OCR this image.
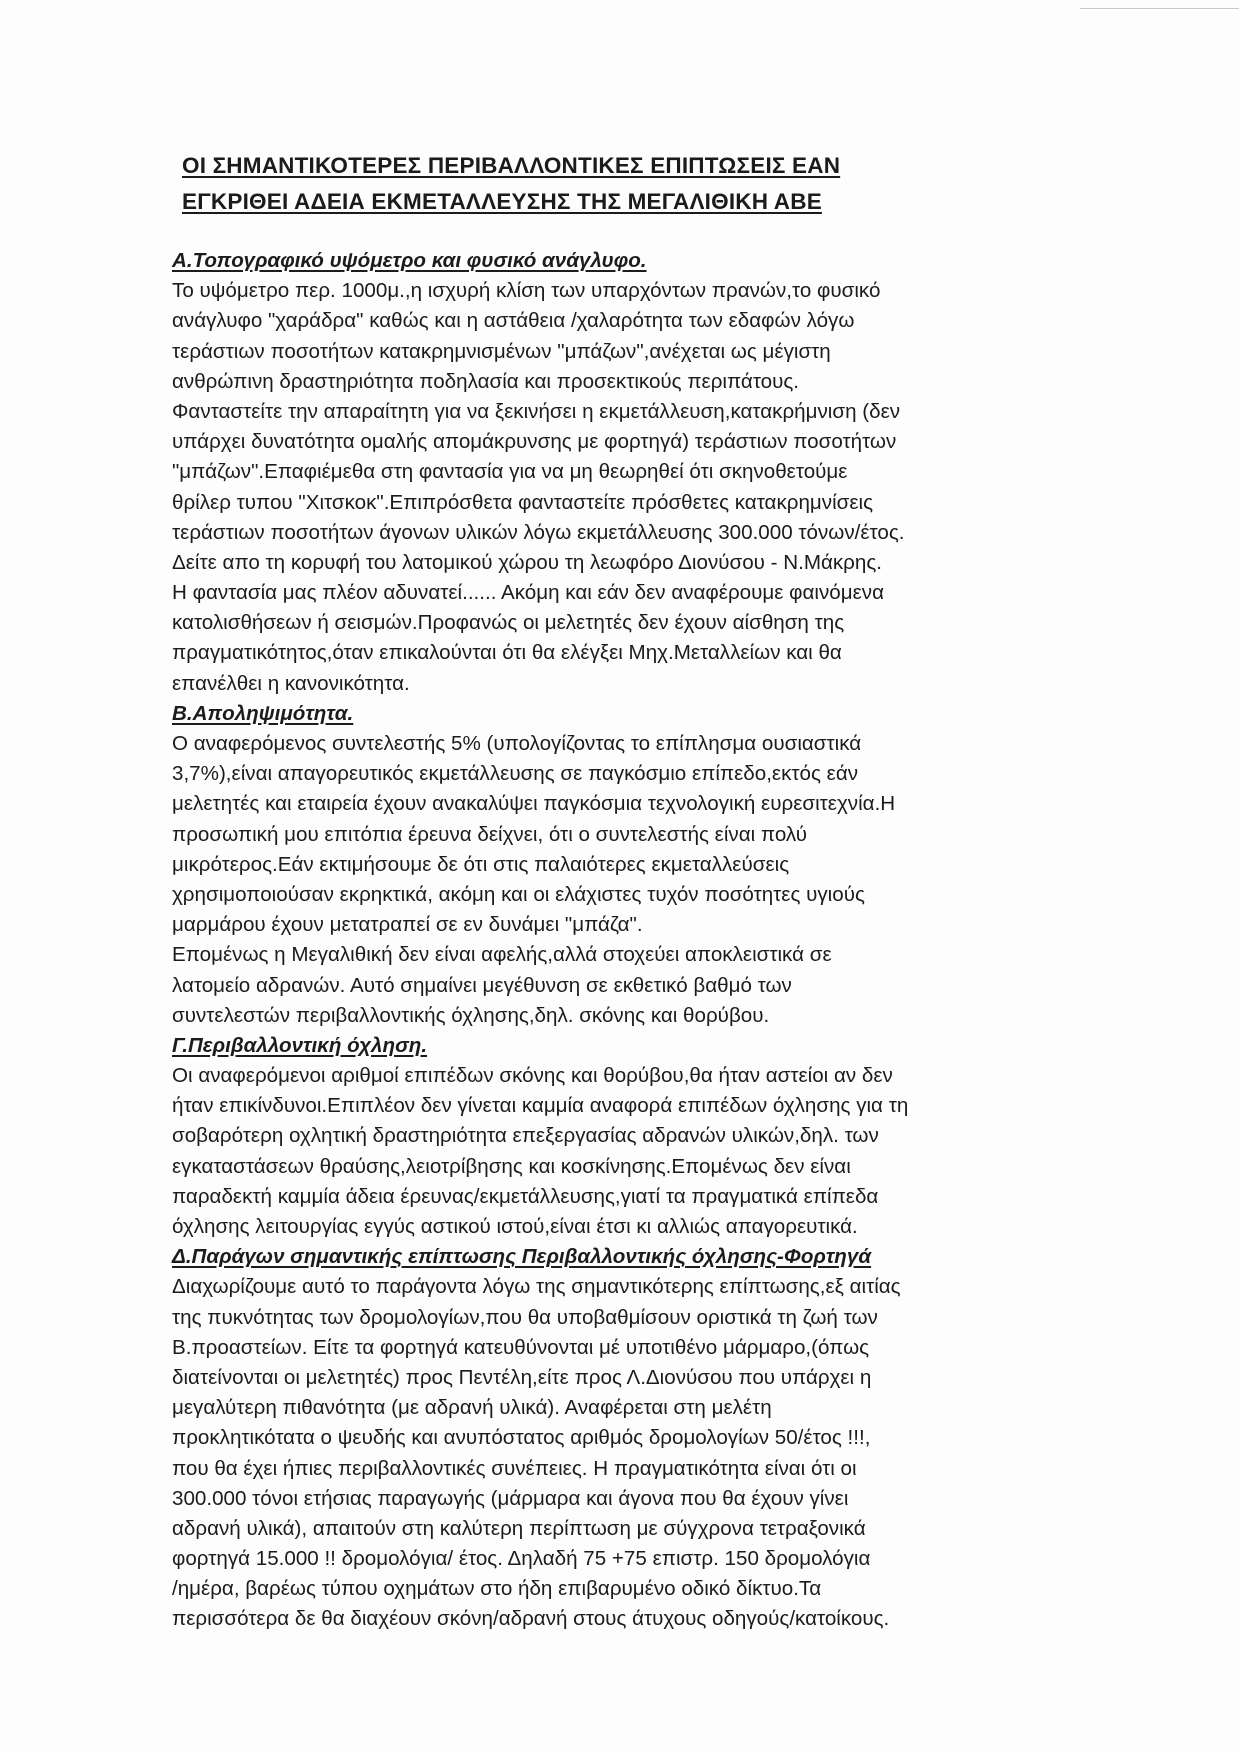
ΟΙ ΣΗΜΑΝΤΙΚΟΤΕΡΕΣ ΠΕΡΙΒΑΛΛΟΝΤΙΚΕΣ ΕΠΙΠΤΩΣΕΙΣ ΕΑΝ
ΕΓΚΡΙΘΕΙ ΑΔΕΙΑ ΕΚΜΕΤΑΛΛΕΥΣΗΣ ΤΗΣ ΜΕΓΑΛΙΘΙΚΗ ΑΒΕ
Α.Τοπογραφικό υψόμετρο και φυσικό ανάγλυφο.
Το υψόμετρο περ. 1000μ.,η ισχυρή κλίση των υπαρχόντων πρανών,το φυσικό
ανάγλυφο "χαράδρα" καθώς και η αστάθεια /χαλαρότητα των εδαφών λόγω
τεράστιων ποσοτήτων κατακρημνισμένων "μπάζων",ανέχεται ως μέγιστη
ανθρώπινη δραστηριότητα ποδηλασία και προσεκτικούς περιπάτους.
Φανταστείτε την απαραίτητη για να ξεκινήσει η εκμετάλλευση,κατακρήμνιση (δεν
υπάρχει δυνατότητα ομαλής απομάκρυνσης με φορτηγά) τεράστιων ποσοτήτων
"μπάζων".Επαφιέμεθα στη φαντασία για να μη θεωρηθεί ότι σκηνοθετούμε
θρίλερ τυπου "Χιτσκοκ".Επιπρόσθετα φανταστείτε πρόσθετες κατακρημνίσεις
τεράστιων ποσοτήτων άγονων υλικών λόγω εκμετάλλευσης 300.000 τόνων/έτος.
Δείτε απο τη κορυφή του λατομικού χώρου τη λεωφόρο Διονύσου - Ν.Μάκρης.
Η φαντασία μας πλέον αδυνατεί...... Ακόμη και εάν δεν αναφέρουμε φαινόμενα
κατολισθήσεων ή σεισμών.Προφανώς οι μελετητές δεν έχουν αίσθηση της
πραγματικότητος,όταν επικαλούνται ότι θα ελέγξει Μηχ.Μεταλλείων και θα
επανέλθει η κανονικότητα.
Β.Απoληψιμότητα.
Ο αναφερόμενος συντελεστής 5% (υπολογίζοντας το επίπλησμα ουσιαστικά
3,7%),είναι απαγορευτικός εκμετάλλευσης σε παγκόσμιο επίπεδο,εκτός εάν
μελετητές και εταιρεία έχουν ανακαλύψει παγκόσμια τεχνολογική ευρεσιτεχνία.Η
προσωπική μου επιτόπια έρευνα δείχνει, ότι ο συντελεστής είναι πολύ
μικρότερος.Εάν εκτιμήσουμε δε ότι στις παλαιότερες εκμεταλλεύσεις
χρησιμοποιούσαν εκρηκτικά, ακόμη και οι ελάχιστες τυχόν ποσότητες υγιούς
μαρμάρου έχουν μετατραπεί σε εν δυνάμει "μπάζα".
Επομένως η Μεγαλιθική δεν είναι αφελής,αλλά στοχεύει αποκλειστικά σε
λατομείο αδρανών. Αυτό σημαίνει μεγέθυνση σε εκθετικό βαθμό των
συντελεστών περιβαλλοντικής όχλησης,δηλ. σκόνης και θορύβου.
Γ.Περιβαλλοντική όχληση.
Οι αναφερόμενοι αριθμοί επιπέδων σκόνης και θορύβου,θα ήταν αστείοι αν δεν
ήταν επικίνδυνοι.Επιπλέον δεν γίνεται καμμία αναφορά επιπέδων όχλησης για τη
σοβαρότερη οχλητική δραστηριότητα επεξεργασίας αδρανών υλικών,δηλ. των
εγκαταστάσεων θραύσης,λειοτρίβησης και κοσκίνησης.Επομένως δεν είναι
παραδεκτή καμμία άδεια έρευνας/εκμετάλλευσης,γιατί τα πραγματικά επίπεδα
όχλησης λειτουργίας εγγύς αστικού ιστού,είναι έτσι κι αλλιώς απαγορευτικά.
Δ.Παράγων σημαντικής επίπτωσης Περιβαλλοντικής όχλησης-Φορτηγά
Διαχωρίζουμε αυτό το παράγοντα λόγω της σημαντικότερης επίπτωσης,εξ αιτίας
της πυκνότητας των δρομολογίων,που θα υποβαθμίσουν οριστικά τη ζωή των
Β.προαστείων. Είτε τα φορτηγά κατευθύνονται μέ υποτιθένο μάρμαρο,(όπως
διατείνονται οι μελετητές) προς Πεντέλη,είτε προς Λ.Διονύσου που υπάρχει η
μεγαλύτερη πιθανότητα (με αδρανή υλικά). Αναφέρεται στη μελέτη
προκλητικότατα ο ψευδής και ανυπόστατος αριθμός δρομολογίων 50/έτος !!!,
που θα έχει ήπιες περιβαλλοντικές συνέπειες. Η πραγματικότητα είναι ότι οι
300.000 τόνοι ετήσιας παραγωγής (μάρμαρα και άγονα που θα έχουν γίνει
αδρανή υλικά), απαιτούν στη καλύτερη περίπτωση με σύγχρονα τετραξονικά
φορτηγά 15.000 !! δρομολόγια/ έτος. Δηλαδή 75 +75 επιστρ. 150 δρομολόγια
/ημέρα, βαρέως τύπου οχημάτων στο ήδη επιβαρυμένο οδικό δίκτυο.Τα
περισσότερα δε θα διαχέουν σκόνη/αδρανή στους άτυχους οδηγούς/κατοίκους.
